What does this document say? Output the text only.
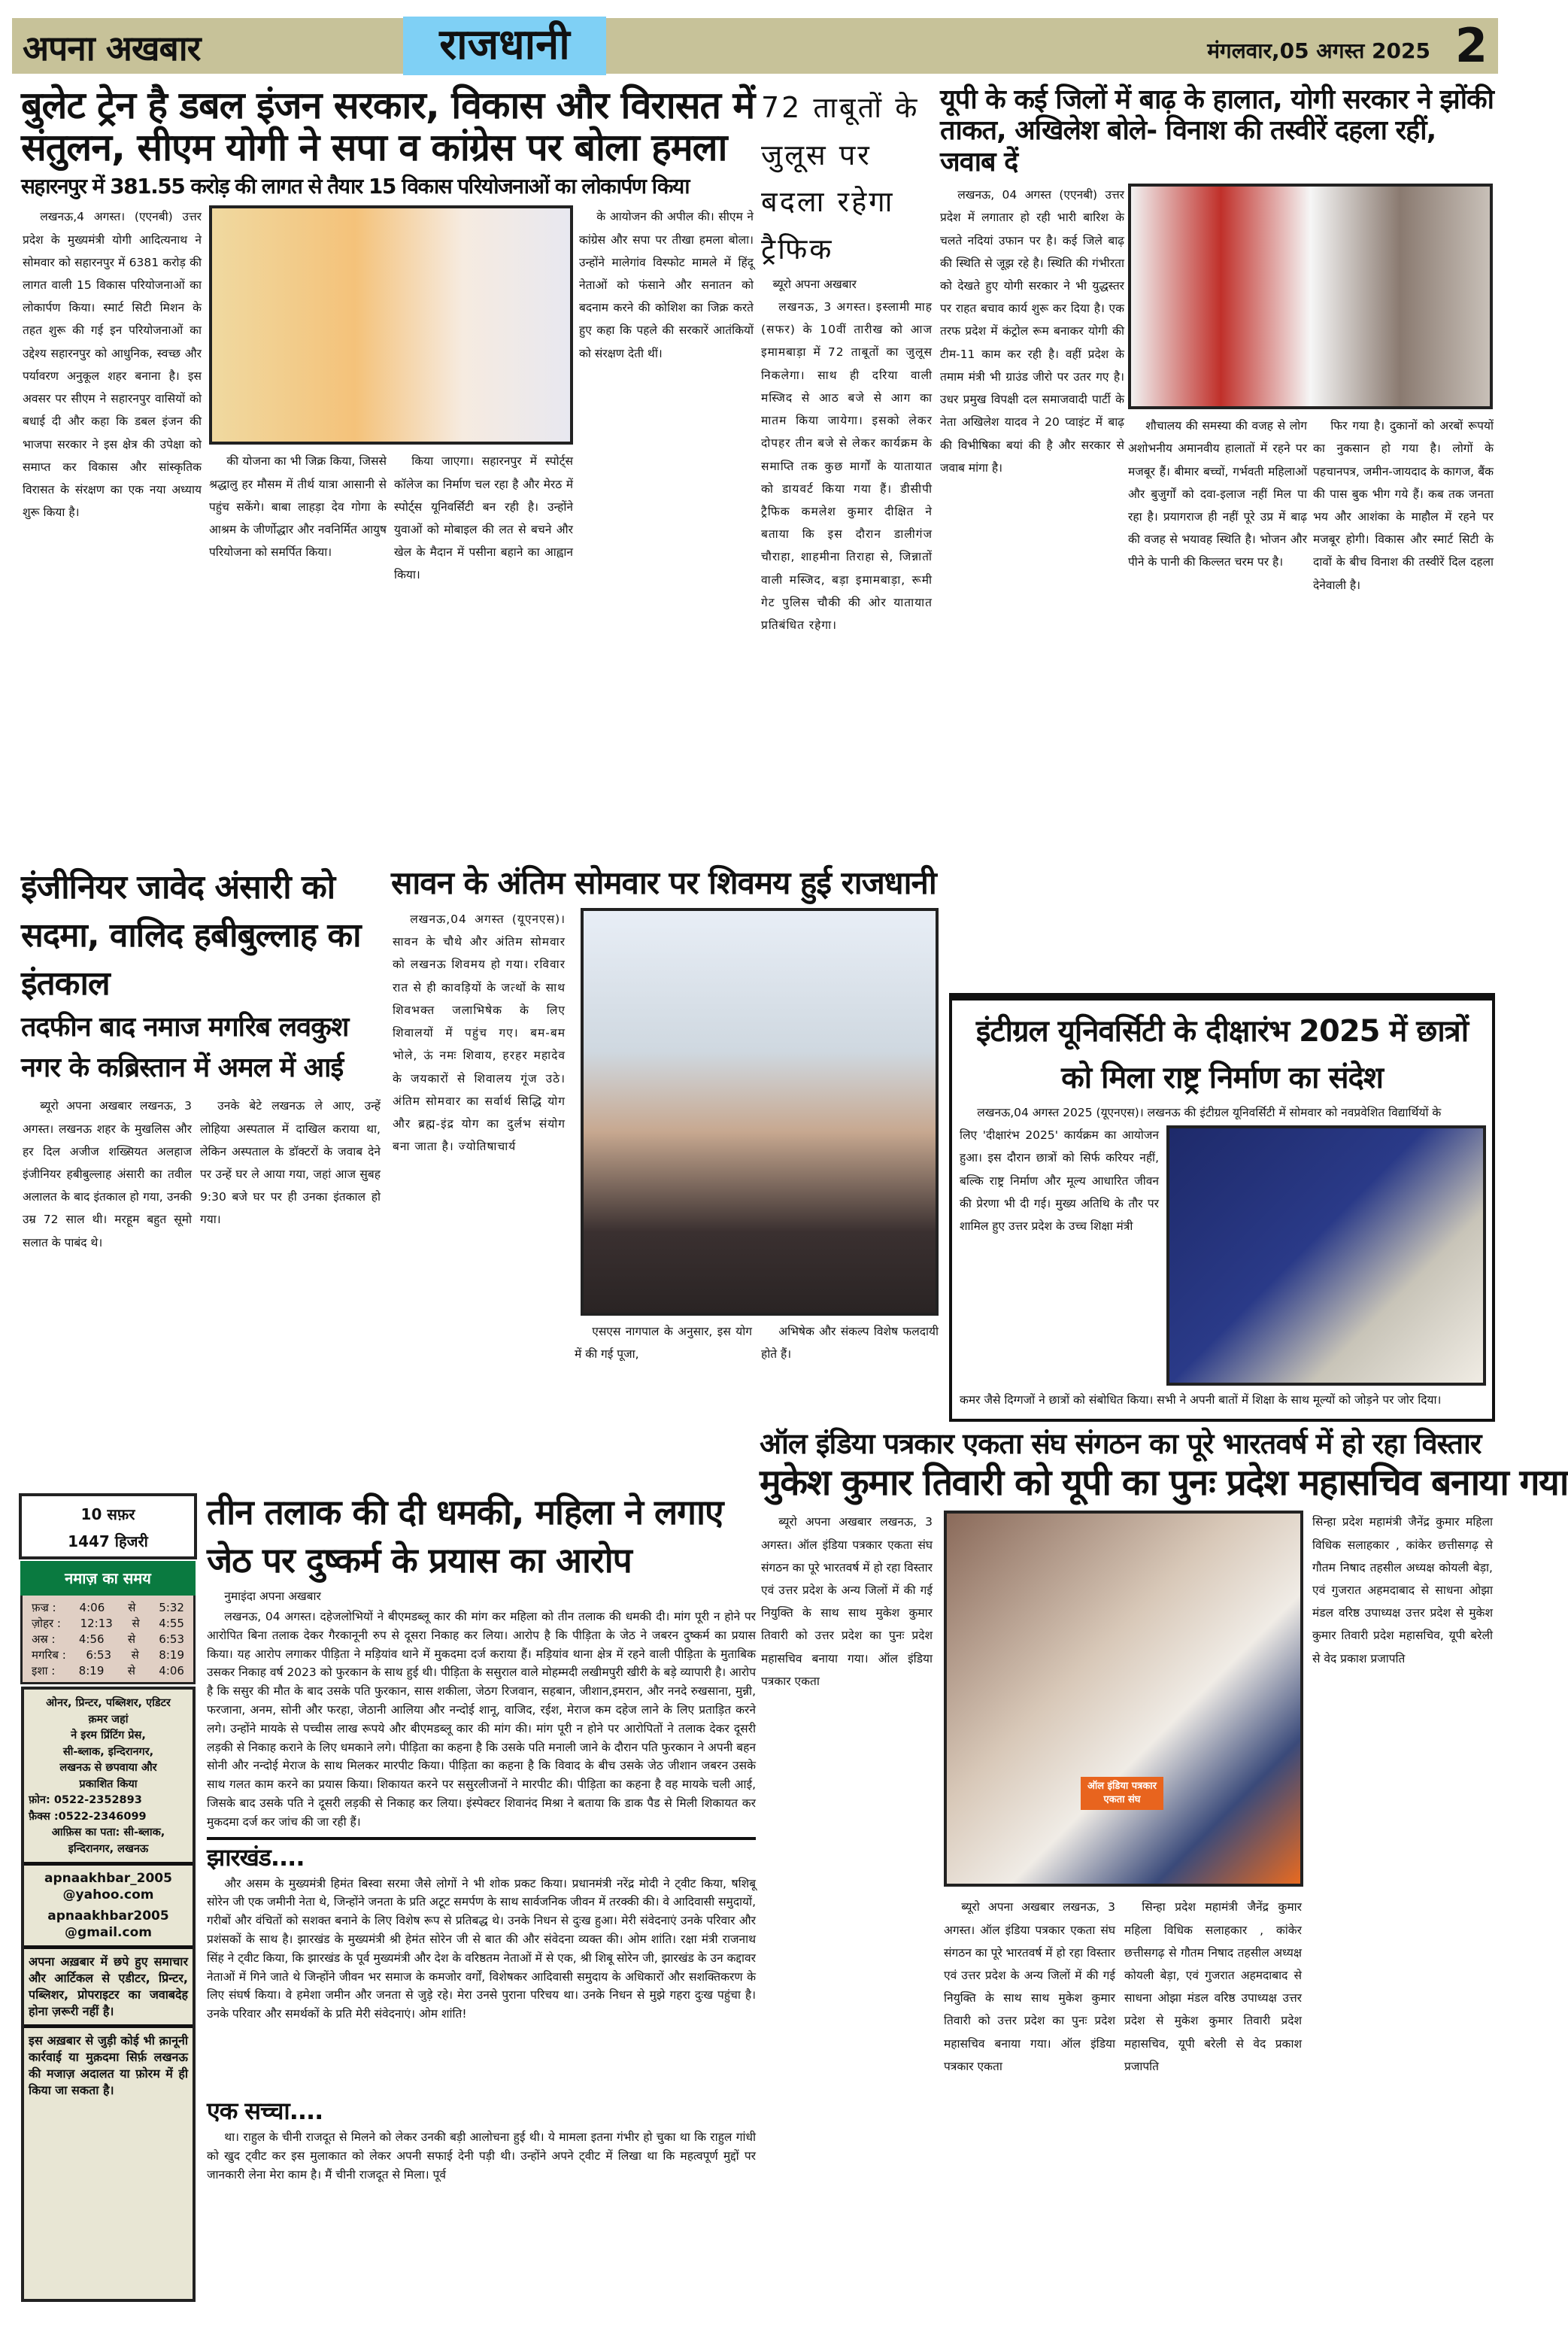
अपना अखबार	राजधानी	मंगलवार,05 अगस्त 2025 2
बुलेट ट्रेन है डबल इंजन सरकार, विकास और विरासत में संतुलन, सीएम योगी ने सपा व कांग्रेस पर बोला हमला
सहारनपुर में 381.55 करोड़ की लागत से तैयार 15 विकास परियोजनाओं का लोकार्पण किया
लखनऊ,4 अगस्त। (एएनबी) उत्तर प्रदेश के मुख्यमंत्री योगी आदित्यनाथ ने सोमवार को सहारनपुर में 6381 करोड़ की लागत वाली 15 विकास परियोजनाओं का लोकार्पण किया। स्मार्ट सिटी मिशन के तहत शुरू की गई इन परियोजनाओं का उद्देश्य सहारनपुर को आधुनिक, स्वच्छ और पर्यावरण अनुकूल शहर बनाना है। इस अवसर पर सीएम ने सहारनपुर वासियों को बधाई दी और कहा कि डबल इंजन की भाजपा सरकार ने इस क्षेत्र की उपेक्षा को समाप्त कर विकास और सांस्कृतिक विरासत के संरक्षण का एक नया अध्याय शुरू किया है।
की योजना का भी जिक्र किया, जिससे श्रद्धालु हर मौसम में तीर्थ यात्रा आसानी से पहुंच सकेंगे। बाबा लाहड़ा देव गोगा के आश्रम के जीर्णोद्धार और नवनिर्मित आयुष परियोजना को समर्पित किया।
किया जाएगा। सहारनपुर में स्पोर्ट्स कॉलेज का निर्माण चल रहा है और मेरठ में स्पोर्ट्स यूनिवर्सिटी बन रही है। उन्होंने युवाओं को मोबाइल की लत से बचने और खेल के मैदान में पसीना बहाने का आह्वान किया।
के आयोजन की अपील की। सीएम ने कांग्रेस और सपा पर तीखा हमला बोला। उन्होंने मालेगांव विस्फोट मामले में हिंदू नेताओं को फंसाने और सनातन को बदनाम करने की कोशिश का जिक्र करते हुए कहा कि पहले की सरकारें आतंकियों को संरक्षण देती थीं।
72 ताबूतों के जुलूस पर बदला रहेगा ट्रैफिक
ब्यूरो अपना अखबार
लखनऊ, 3 अगस्त। इस्लामी माह (सफर) के 10वीं तारीख को आज इमामबाड़ा में 72 ताबूतों का जुलूस निकलेगा। साथ ही दरिया वाली मस्जिद से आठ बजे से आग का मातम किया जायेगा। इसको लेकर दोपहर तीन बजे से लेकर कार्यक्रम के समाप्ति तक कुछ मार्गों के यातायात को डायवर्ट किया गया हैं। डीसीपी ट्रैफिक कमलेश कुमार दीक्षित ने बताया कि इस दौरान डालीगंज चौराहा, शाहमीना तिराहा से, जिन्नातों वाली मस्जिद, बड़ा इमामबाड़ा, रूमी गेट पुलिस चौकी की ओर यातायात प्रतिबंधित रहेगा।
यूपी के कई जिलों में बाढ़ के हालात, योगी सरकार ने झोंकी ताकत, अखिलेश बोले- विनाश की तस्वीरें दहला रहीं, जवाब दें
लखनऊ, 04 अगस्त (एएनबी) उत्तर प्रदेश में लगातार हो रही भारी बारिश के चलते नदियां उफान पर है। कई जिले बाढ़ की स्थिति से जूझ रहे है। स्थिति की गंभीरता को देखते हुए योगी सरकार ने भी युद्धस्तर पर राहत बचाव कार्य शुरू कर दिया है। एक तरफ प्रदेश में कंट्रोल रूम बनाकर योगी की टीम-11 काम कर रही है। वहीं प्रदेश के तमाम मंत्री भी ग्राउंड जीरो पर उतर गए है। उधर प्रमुख विपक्षी दल समाजवादी पार्टी के नेता अखिलेश यादव ने 20 प्वाइंट में बाढ़ की विभीषिका बयां की है और सरकार से जवाब मांगा है।
शौचालय की समस्या की वजह से लोग अशोभनीय अमानवीय हालातों में रहने पर मजबूर हैं। बीमार बच्चों, गर्भवती महिलाओं और बुजुर्गों को दवा-इलाज नहीं मिल पा रहा है। प्रयागराज ही नहीं पूरे उप्र में बाढ़ की वजह से भयावह स्थिति है। भोजन और पीने के पानी की किल्लत चरम पर है।
फिर गया है। दुकानों को अरबों रूपयों का नुकसान हो गया है। लोगों के पहचानपत्र, जमीन-जायदाद के कागज, बैंक की पास बुक भीग गये हैं। कब तक जनता भय और आशंका के माहौल में रहने पर मजबूर होगी। विकास और स्मार्ट सिटी के दावों के बीच विनाश की तस्वीरें दिल दहला देनेवाली है।
इंजीनियर जावेद अंसारी को सदमा, वालिद हबीबुल्लाह का इंतकाल
तदफीन बाद नमाज मगरिब लवकुश नगर के कब्रिस्तान में अमल में आई
ब्यूरो अपना अखबार लखनऊ, 3 अगस्त। लखनऊ शहर के मुखलिस और हर दिल अजीज शख्सियत अलहाज इंजीनियर हबीबुल्लाह अंसारी का तवील अलालत के बाद इंतकाल हो गया, उनकी उम्र 72 साल थी। मरहूम बहुत सूमो सलात के पाबंद थे।
उनके बेटे लखनऊ ले आए, उन्हें लोहिया अस्पताल में दाखिल कराया था, लेकिन अस्पताल के डॉक्टरों के जवाब देने पर उन्हें घर ले आया गया, जहां आज सुबह 9:30 बजे घर पर ही उनका इंतकाल हो गया।
सावन के अंतिम सोमवार पर शिवमय हुई राजधानी
लखनऊ,04 अगस्त (यूएनएस)। सावन के चौथे और अंतिम सोमवार को लखनऊ शिवमय हो गया। रविवार रात से ही कावड़ियों के जत्थों के साथ शिवभक्त जलाभिषेक के लिए शिवालयों में पहुंच गए। बम-बम भोले, ऊं नमः शिवाय, हरहर महादेव के जयकारों से शिवालय गूंज उठे। अंतिम सोमवार का सर्वार्थ सिद्धि योग और ब्रह्म-इंद्र योग का दुर्लभ संयोग बना जाता है। ज्योतिषाचार्य
एसएस नागपाल के अनुसार, इस योग में की गई पूजा,
अभिषेक और संकल्प विशेष फलदायी होते हैं।
इंटीग्रल यूनिवर्सिटी के दीक्षारंभ 2025 में छात्रों को मिला राष्ट्र निर्माण का संदेश
लखनऊ,04 अगस्त 2025 (यूएनएस)। लखनऊ की इंटीग्रल यूनिवर्सिटी में सोमवार को नवप्रवेशित विद्यार्थियों के
लिए 'दीक्षारंभ 2025' कार्यक्रम का आयोजन हुआ। इस दौरान छात्रों को सिर्फ करियर नहीं, बल्कि राष्ट्र निर्माण और मूल्य आधारित जीवन की प्रेरणा भी दी गई। मुख्य अतिथि के तौर पर शामिल हुए उत्तर प्रदेश के उच्च शिक्षा मंत्री
कमर जैसे दिग्गजों ने छात्रों को संबोधित किया। सभी ने अपनी बातों में शिक्षा के साथ मूल्यों को जोड़ने पर जोर दिया।
10 सफ़र
1447 हिजरी
नमाज़ का समय
फ़ज्र : 4:06 से 5:32
ज़ोहर : 12:13 से 4:55
अस्र : 4:56 से 6:53
मगरिब : 6:53 से 8:19
इशा : 8:19 से 4:06
ओनर, प्रिन्टर, पब्लिशर, एडिटर
क़मर जहां
ने इरम प्रिंटिंग प्रेस,
सी-ब्लाक, इन्दिरानगर,
लखनऊ से छपवाया और
प्रकाशित किया
फ़ोन: 0522-2352893
फ़ैक्स :0522-2346099
आफ़िस का पता: सी-ब्लाक, इन्दिरानगर, लखनऊ
apnaakhbar_2005 @yahoo.com
apnaakhbar2005 @gmail.com
अपना अख़बार में छपे हुए समाचार और आर्टिकल से एडीटर, प्रिन्टर, पब्लिशर, प्रोपराइटर का जवाबदेह होना ज़रूरी नहीं है।
इस अख़बार से जुड़ी कोई भी क़ानूनी कार्रवाई या मुक़दमा सिर्फ़ लखनऊ की मजाज़ अदालत या फ़ोरम में ही किया जा सकता है।
तीन तलाक की दी धमकी, महिला ने लगाए जेठ पर दुष्कर्म के प्रयास का आरोप
नुमाइंदा अपना अखबार
लखनऊ, 04 अगस्त। दहेजलोभियों ने बीएमडब्लू कार की मांग कर महिला को तीन तलाक की धमकी दी। मांग पूरी न होने पर आरोपित बिना तलाक देकर गैरकानूनी रुप से दूसरा निकाह कर लिया। आरोप है कि पीड़िता के जेठ ने जबरन दुष्कर्म का प्रयास किया। यह आरोप लगाकर पीड़िता ने मड़ियांव थाने में मुकदमा दर्ज कराया हैं। मड़ियांव थाना क्षेत्र में रहने वाली पीड़िता के मुताबिक उसकर निकाह वर्ष 2023 को फुरकान के साथ हुई थी। पीड़िता के ससुराल वाले मोहम्मदी लखीमपुरी खीरी के बड़े व्यापारी है। आरोप है कि ससुर की मौत के बाद उसके पति फुरकान, सास शकीला, जेठग रिजवान, सहबान, जीशान,इमरान, और ननदे रुखसाना, मुन्नी, फरजाना, अनम, सोनी और फरहा, जेठानी आलिया और नन्दोई शानू, वाजिद, रईश, मेराज कम दहेज लाने के लिए प्रताड़ित करने लगे। उन्होंने मायके से पच्चीस लाख रूपये और बीएमडब्लू कार की मांग की। मांग पूरी न होने पर आरोपितों ने तलाक देकर दूसरी लड़की से निकाह कराने के लिए धमकाने लगे। पीड़िता का कहना है कि उसके पति मनाली जाने के दौरान पति फुरकान ने अपनी बहन सोनी और नन्दोई मेराज के साथ मिलकर मारपीट किया। पीड़िता का कहना है कि विवाद के बीच उसके जेठ जीशान जबरन उसके साथ गलत काम करने का प्रयास किया। शिकायत करने पर ससुरलीजनों ने मारपीट की। पीड़िता का कहना है वह मायके चली आई, जिसके बाद उसके पति ने दूसरी लड़की से निकाह कर लिया। इंस्पेक्टर शिवानंद मिश्रा ने बताया कि डाक पैड से मिली शिकायत कर मुकदमा दर्ज कर जांच की जा रही हैं।
झारखंड....
और असम के मुख्यमंत्री हिमंत बिस्वा सरमा जैसे लोगों ने भी शोक प्रकट किया। प्रधानमंत्री नरेंद्र मोदी ने ट्वीट किया, षशिबू सोरेन जी एक जमीनी नेता थे, जिन्होंने जनता के प्रति अटूट समर्पण के साथ सार्वजनिक जीवन में तरक्की की। वे आदिवासी समुदायों, गरीबों और वंचितों को सशक्त बनाने के लिए विशेष रूप से प्रतिबद्ध थे। उनके निधन से दुःख हुआ। मेरी संवेदनाएं उनके परिवार और प्रशंसकों के साथ है। झारखंड के मुख्यमंत्री श्री हेमंत सोरेन जी से बात की और संवेदना व्यक्त की। ओम शांति। रक्षा मंत्री राजनाथ सिंह ने ट्वीट किया, कि झारखंड के पूर्व मुख्यमंत्री और देश के वरिष्ठतम नेताओं में से एक, श्री शिबू सोरेन जी, झारखंड के उन कद्दावर नेताओं में गिने जाते थे जिन्होंने जीवन भर समाज के कमजोर वर्गों, विशेषकर आदिवासी समुदाय के अधिकारों और सशक्तिकरण के लिए संघर्ष किया। वे हमेशा जमीन और जनता से जुड़े रहे। मेरा उनसे पुराना परिचय था। उनके निधन से मुझे गहरा दुःख पहुंचा है। उनके परिवार और समर्थकों के प्रति मेरी संवेदनाएं। ओम शांति!
एक सच्चा....
था। राहुल के चीनी राजदूत से मिलने को लेकर उनकी बड़ी आलोचना हुई थी। ये मामला इतना गंभीर हो चुका था कि राहुल गांधी को खुद ट्वीट कर इस मुलाकात को लेकर अपनी सफाई देनी पड़ी थी। उन्होंने अपने ट्वीट में लिखा था कि महत्वपूर्ण मुद्दों पर जानकारी लेना मेरा काम है। मैं चीनी राजदूत से मिला। पूर्व
ऑल इंडिया पत्रकार एकता संघ संगठन का पूरे भारतवर्ष में हो रहा विस्तार
मुकेश कुमार तिवारी को यूपी का पुनः प्रदेश महासचिव बनाया गया
ब्यूरो अपना अखबार लखनऊ, 3 अगस्त। ऑल इंडिया पत्रकार एकता संघ संगठन का पूरे भारतवर्ष में हो रहा विस्तार एवं उत्तर प्रदेश के अन्य जिलों में की गई नियुक्ति के साथ साथ मुकेश कुमार तिवारी को उत्तर प्रदेश का पुनः प्रदेश महासचिव बनाया गया। ऑल इंडिया पत्रकार एकता
ऑल इंडिया पत्रकार एकता संघ
ब्यूरो अपना अखबार लखनऊ, 3 अगस्त। ऑल इंडिया पत्रकार एकता संघ संगठन का पूरे भारतवर्ष में हो रहा विस्तार एवं उत्तर प्रदेश के अन्य जिलों में की गई नियुक्ति के साथ साथ मुकेश कुमार तिवारी को उत्तर प्रदेश का पुनः प्रदेश महासचिव बनाया गया। ऑल इंडिया पत्रकार एकता
सिन्हा प्रदेश महामंत्री जैनेंद्र कुमार महिला विधिक सलाहकार , कांकेर छत्तीसगढ़ से गौतम निषाद तहसील अध्यक्ष कोयली बेड़ा, एवं गुजरात अहमदाबाद से साधना ओझा मंडल वरिष्ठ उपाध्यक्ष उत्तर प्रदेश से मुकेश कुमार तिवारी प्रदेश महासचिव, यूपी बरेली से वेद प्रकाश प्रजापति
सिन्हा प्रदेश महामंत्री जैनेंद्र कुमार महिला विधिक सलाहकार , कांकेर छत्तीसगढ़ से गौतम निषाद तहसील अध्यक्ष कोयली बेड़ा, एवं गुजरात अहमदाबाद से साधना ओझा मंडल वरिष्ठ उपाध्यक्ष उत्तर प्रदेश से मुकेश कुमार तिवारी प्रदेश महासचिव, यूपी बरेली से वेद प्रकाश प्रजापति
